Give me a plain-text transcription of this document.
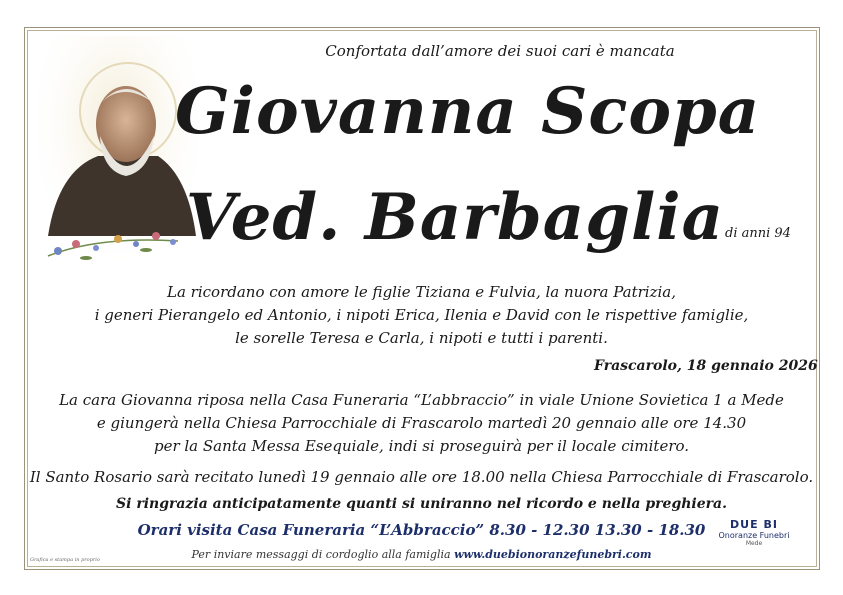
Confortata dall’amore dei suoi cari è mancata
Giovanna Scopa
Ved. Barbaglia di anni 94
La ricordano con amore le figlie Tiziana e Fulvia, la nuora Patrizia,
i generi Pierangelo ed Antonio, i nipoti Erica, Ilenia e David con le rispettive famiglie,
le sorelle Teresa e Carla, i nipoti e tutti i parenti.
Frascarolo, 18 gennaio 2026
La cara Giovanna riposa nella Casa Funeraria “L’abbraccio” in viale Unione Sovietica 1 a Mede
e giungerà nella Chiesa Parrocchiale di Frascarolo martedì 20 gennaio alle ore 14.30
per la Santa Messa Esequiale, indi si proseguirà per il locale cimitero.
Il Santo Rosario sarà recitato lunedì 19 gennaio alle ore 18.00 nella Chiesa Parrocchiale di Frascarolo.
Si ringrazia anticipatamente quanti si uniranno nel ricordo e nella preghiera.
Orari visita Casa Funeraria “L’Abbraccio” 8.30 - 12.30 13.30 - 18.30
Per inviare messaggi di cordoglio alla famiglia www.duebionoranzefunebri.com
Grafica e stampa in proprio
DUE BI
Onoranze Funebri
Mede
